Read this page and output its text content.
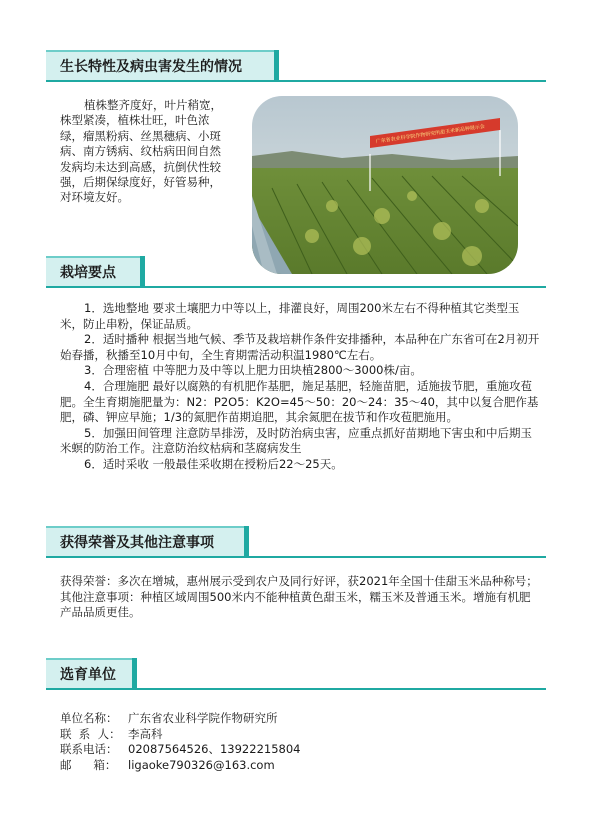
生长特性及病虫害发生的情况
植株整齐度好，叶片稍宽，株型紧凑，植株壮旺，叶色浓绿，瘤黑粉病、丝黑穗病、小斑病、南方锈病、纹枯病田间自然发病均未达到高感，抗倒伏性较强，后期保绿度好，好管易种，对环境友好。
广东省农业科学院作物研究所甜玉米新品种展示会
栽培要点
1．选地整地 要求土壤肥力中等以上，排灌良好，周围200米左右不得种植其它类型玉米，防止串粉，保证品质。
2．适时播种 根据当地气候、季节及栽培耕作条件安排播种，本品种在广东省可在2月初开始春播，秋播至10月中旬，全生育期需活动积温1980℃左右。
3．合理密植 中等肥力及中等以上肥力田块植2800～3000株/亩。
4．合理施肥 最好以腐熟的有机肥作基肥，施足基肥，轻施苗肥，适施拔节肥，重施攻苞肥。全生育期施肥量为：N2：P2O5：K2O=45～50：20～24：35～40，其中以复合肥作基肥，磷、钾应早施；1/3的氮肥作苗期追肥，其余氮肥在拔节和作攻苞肥施用。
5．加强田间管理 注意防旱排涝，及时防治病虫害，应重点抓好苗期地下害虫和中后期玉米螟的防治工作。注意防治纹枯病和茎腐病发生
6．适时采收 一般最佳采收期在授粉后22～25天。
获得荣誉及其他注意事项
获得荣誉：多次在增城，惠州展示受到农户及同行好评，获2021年全国十佳甜玉米品种称号；
其他注意事项：种植区域周围500米内不能种植黄色甜玉米，糯玉米及普通玉米。增施有机肥产品品质更佳。
选育单位
单位名称： 广东省农业科学院作物研究所
联  系  人： 李高科
联系电话： 02087564526、13922215804
邮      箱：	ligaoke790326@163.com
